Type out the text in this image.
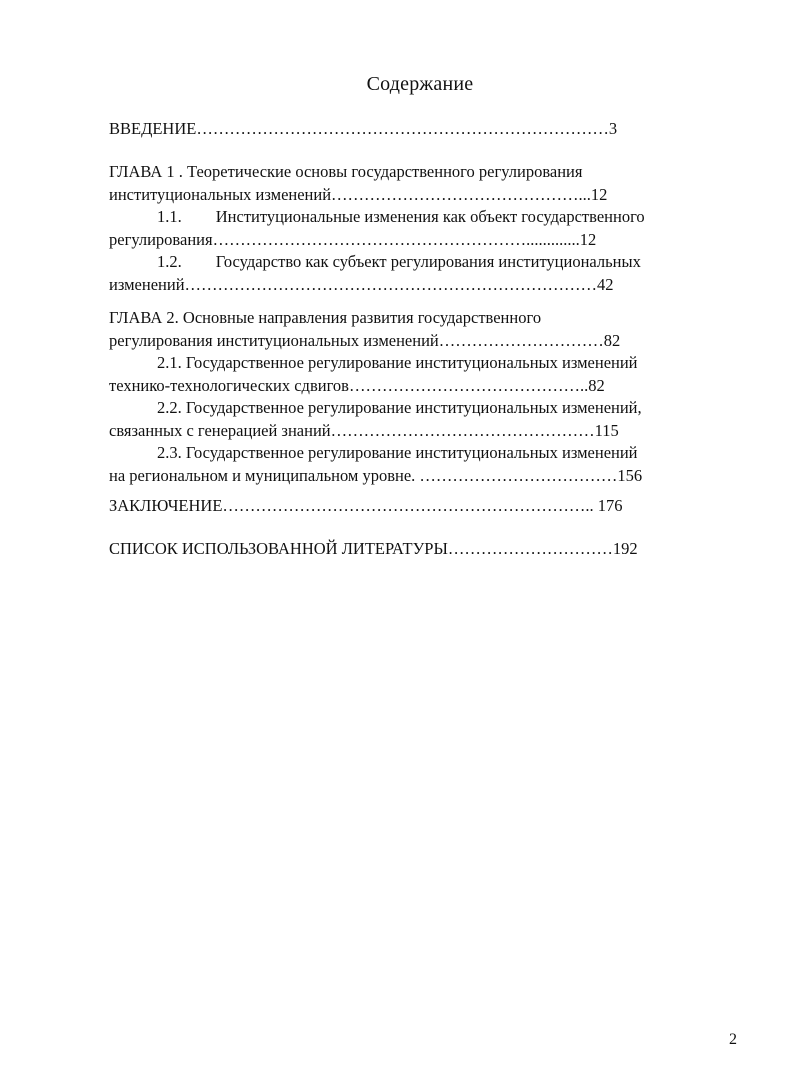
Содержание
ВВЕДЕНИЕ…………………………………………………………………3
ГЛАВА 1 . Теоретические основы государственного регулирования
институциональных изменений………………………………………...12
1.1. Институциональные изменения как объект государственного
регулирования………………………………………………….............12
1.2. Государство как субъект регулирования институциональных
изменений…………………………………………………………………42
ГЛАВА 2. Основные направления развития государственного
регулирования институциональных изменений…………………………82
2.1. Государственное регулирование институциональных изменений
технико-технологических сдвигов……………………………………..82
2.2. Государственное регулирование институциональных изменений,
связанных с генерацией знаний…………………………………………115
2.3. Государственное регулирование институциональных изменений
на региональном и муниципальном уровне. ………………………………156
ЗАКЛЮЧЕНИЕ………………………………………………………….. 176
СПИСОК ИСПОЛЬЗОВАННОЙ ЛИТЕРАТУРЫ…………………………192
2
